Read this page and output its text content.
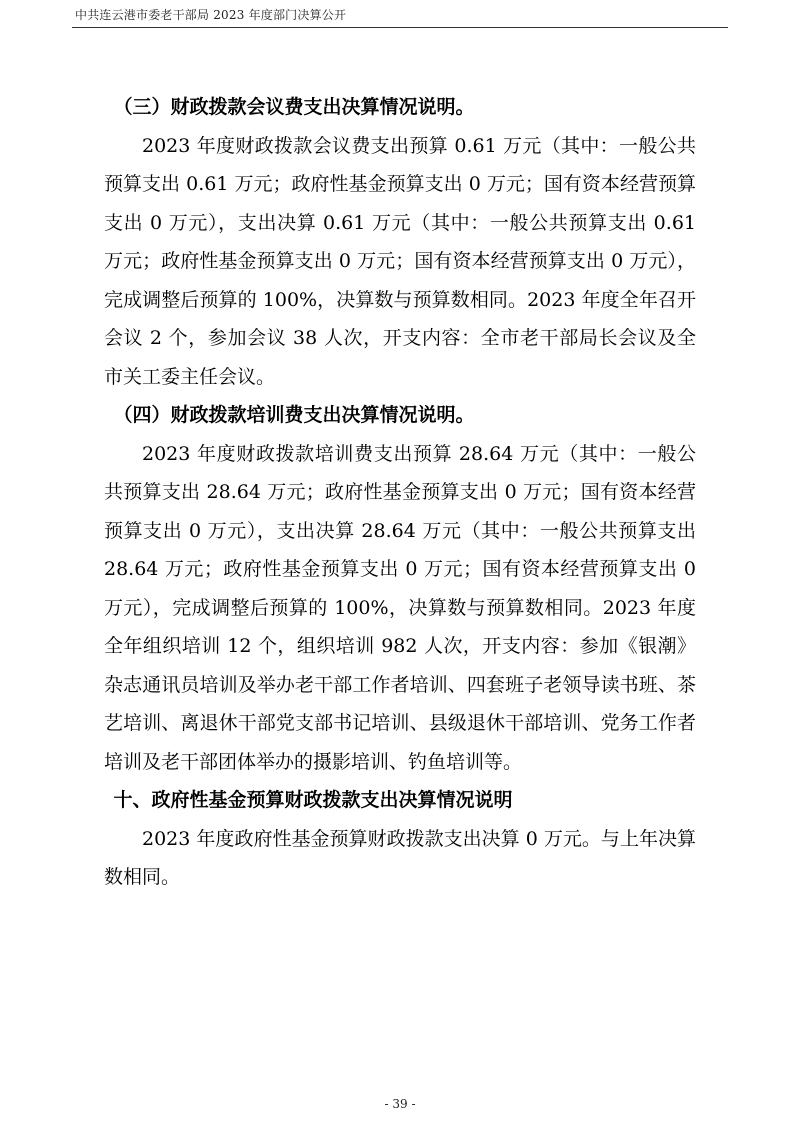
中共连云港市委老干部局 2023 年度部门决算公开

（三）财政拨款会议费支出决算情况说明。

2023 年度财政拨款会议费支出预算 0.61 万元（其中：一般公共预算支出 0.61 万元；政府性基金预算支出 0 万元；国有资本经营预算支出 0 万元），支出决算 0.61 万元（其中：一般公共预算支出 0.61 万元；政府性基金预算支出 0 万元；国有资本经营预算支出 0 万元），完成调整后预算的 100%，决算数与预算数相同。2023 年度全年召开会议 2 个，参加会议 38 人次，开支内容：全市老干部局长会议及全市关工委主任会议。

（四）财政拨款培训费支出决算情况说明。

2023 年度财政拨款培训费支出预算 28.64 万元（其中：一般公共预算支出 28.64 万元；政府性基金预算支出 0 万元；国有资本经营预算支出 0 万元），支出决算 28.64 万元（其中：一般公共预算支出 28.64 万元；政府性基金预算支出 0 万元；国有资本经营预算支出 0 万元），完成调整后预算的 100%，决算数与预算数相同。2023 年度全年组织培训 12 个，组织培训 982 人次，开支内容：参加《银潮》杂志通讯员培训及举办老干部工作者培训、四套班子老领导读书班、茶艺培训、离退休干部党支部书记培训、县级退休干部培训、党务工作者培训及老干部团体举办的摄影培训、钓鱼培训等。

十、政府性基金预算财政拨款支出决算情况说明

2023 年度政府性基金预算财政拨款支出决算 0 万元。与上年决算数相同。

- 39 -
